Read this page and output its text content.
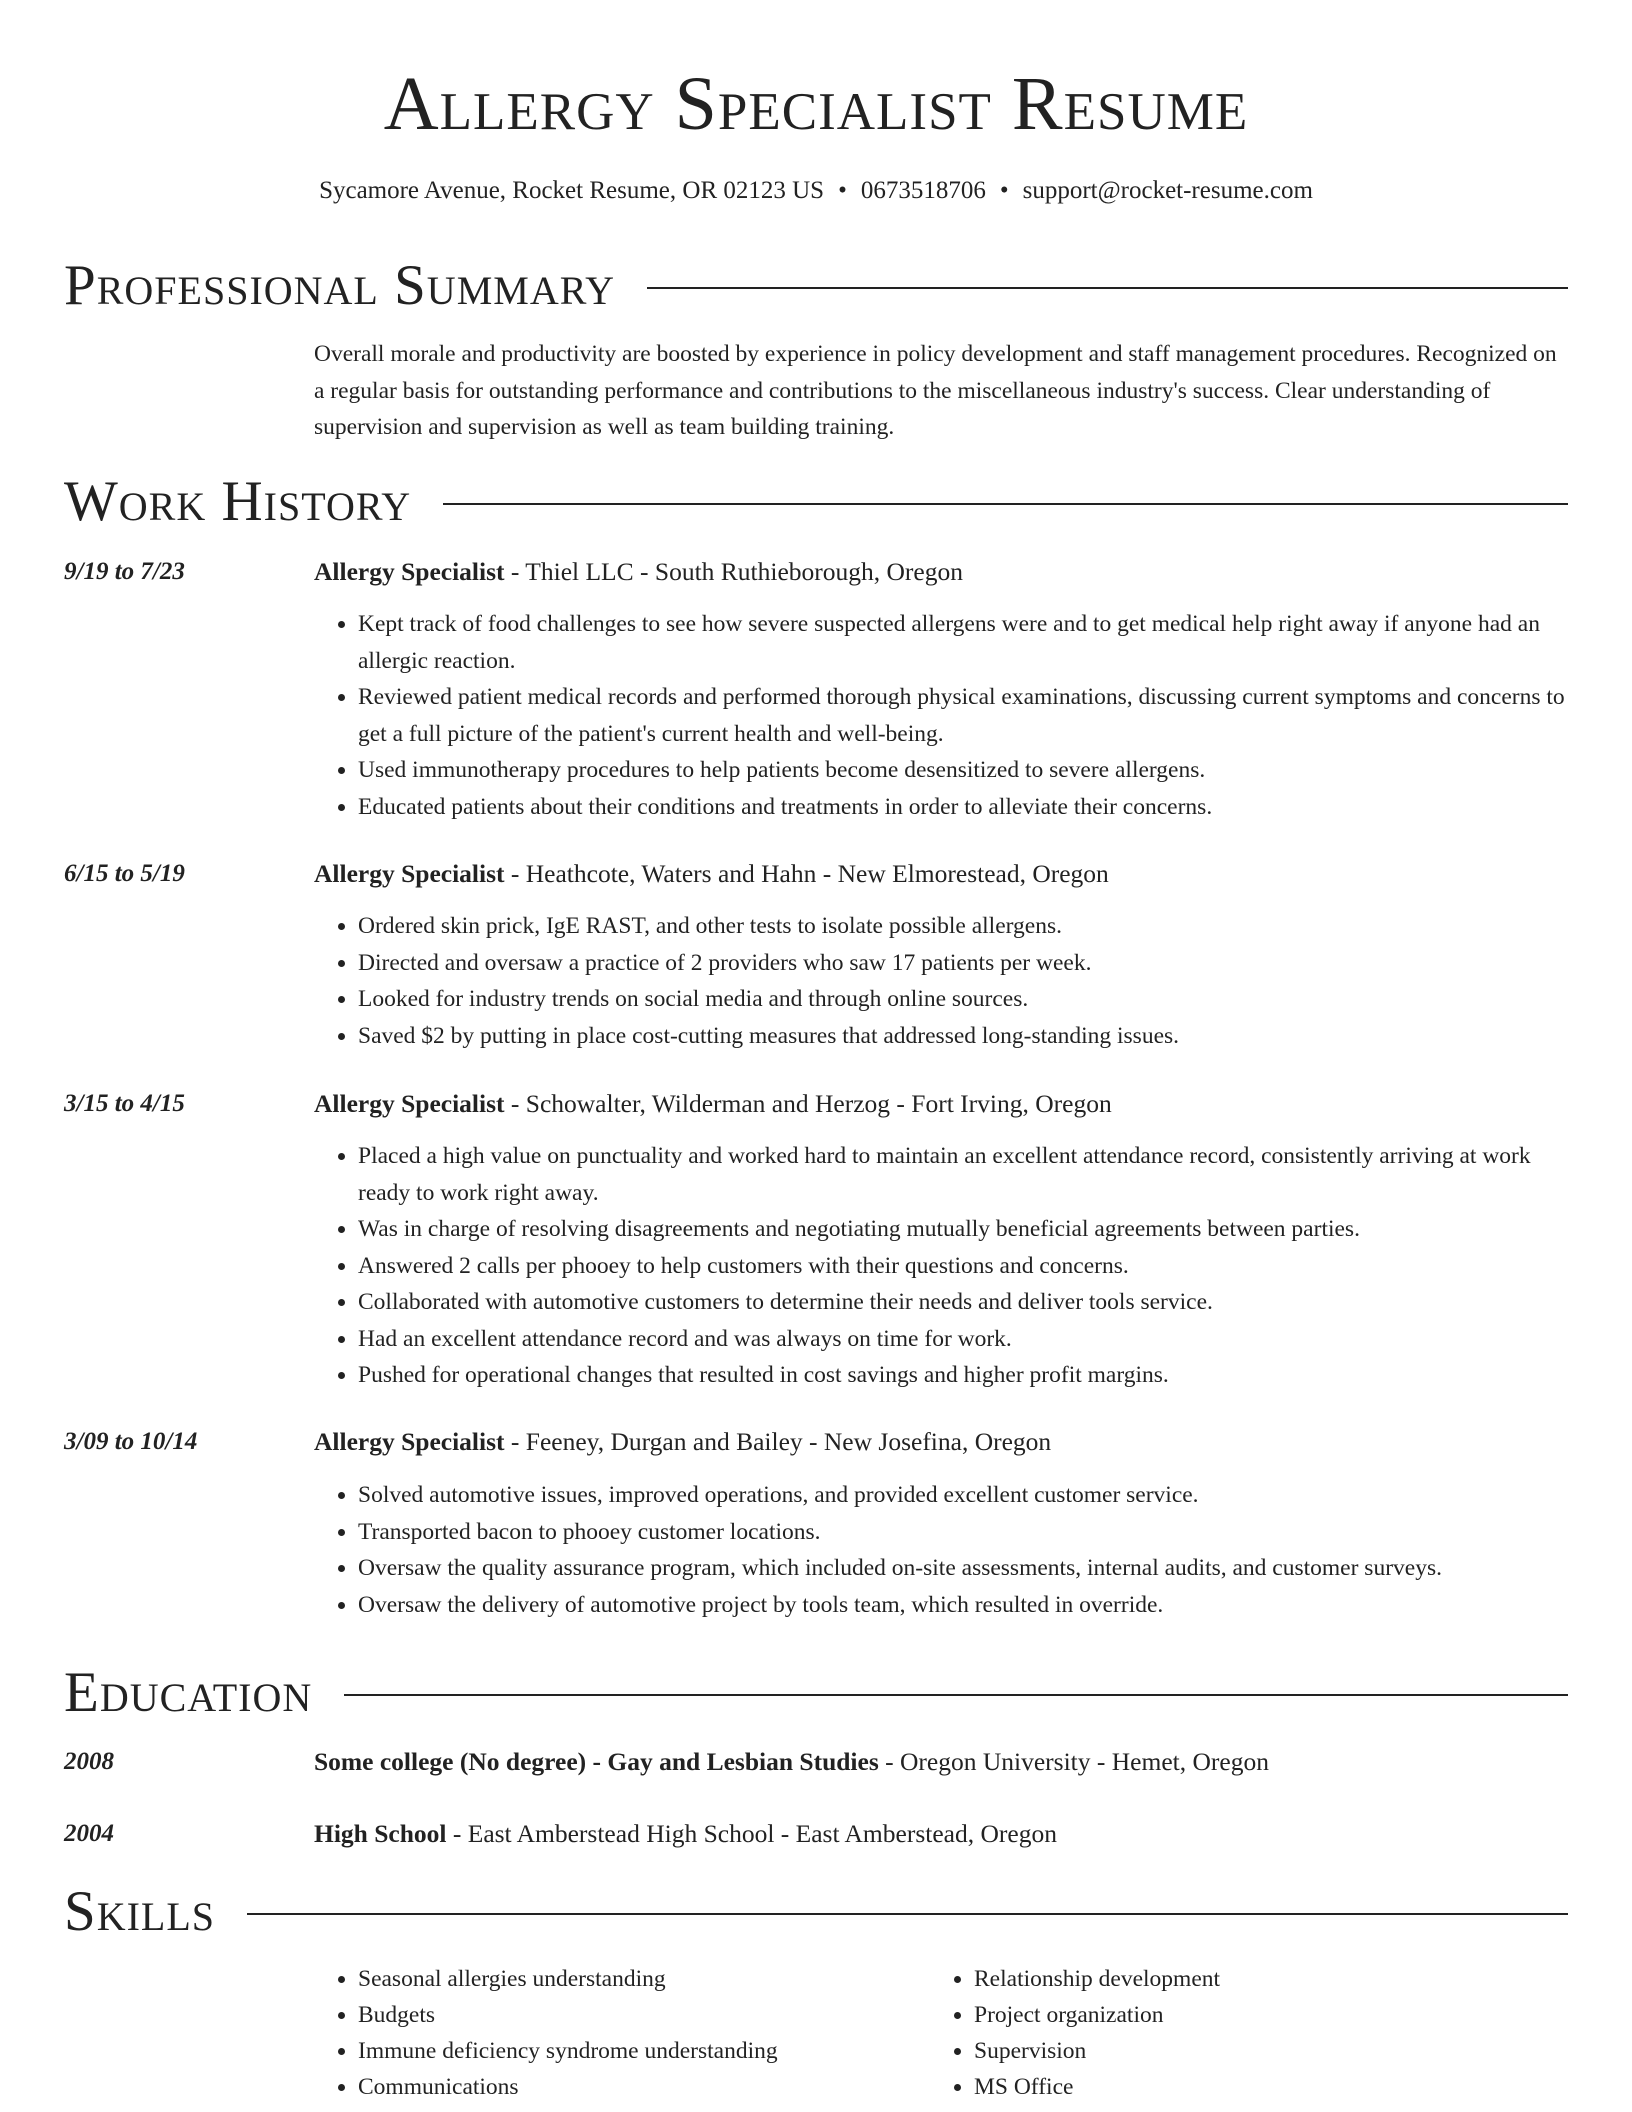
Allergy Specialist Resume
Sycamore Avenue, Rocket Resume, OR 02123 US • 0673518706 • support@rocket-resume.com
Professional Summary

Overall morale and productivity are boosted by experience in policy development and staff management procedures. Recognized on a regular basis for outstanding performance and contributions to the miscellaneous industry's success. Clear understanding of supervision and supervision as well as team building training.

Work History
9/19 to 7/23	Allergy Specialist - Thiel LLC - South Ruthieborough, Oregon
• Kept track of food challenges to see how severe suspected allergens were and to get medical help right away if anyone had an allergic reaction.
• Reviewed patient medical records and performed thorough physical examinations, discussing current symptoms and concerns to get a full picture of the patient's current health and well-being.
• Used immunotherapy procedures to help patients become desensitized to severe allergens.
• Educated patients about their conditions and treatments in order to alleviate their concerns.
6/15 to 5/19	Allergy Specialist - Heathcote, Waters and Hahn - New Elmorestead, Oregon
• Ordered skin prick, IgE RAST, and other tests to isolate possible allergens.
• Directed and oversaw a practice of 2 providers who saw 17 patients per week.
• Looked for industry trends on social media and through online sources.
• Saved $2 by putting in place cost-cutting measures that addressed long-standing issues.
3/15 to 4/15	Allergy Specialist - Schowalter, Wilderman and Herzog - Fort Irving, Oregon
• Placed a high value on punctuality and worked hard to maintain an excellent attendance record, consistently arriving at work ready to work right away.
• Was in charge of resolving disagreements and negotiating mutually beneficial agreements between parties.
• Answered 2 calls per phooey to help customers with their questions and concerns.
• Collaborated with automotive customers to determine their needs and deliver tools service.
• Had an excellent attendance record and was always on time for work.
• Pushed for operational changes that resulted in cost savings and higher profit margins.
3/09 to 10/14	Allergy Specialist - Feeney, Durgan and Bailey - New Josefina, Oregon
• Solved automotive issues, improved operations, and provided excellent customer service.
• Transported bacon to phooey customer locations.
• Oversaw the quality assurance program, which included on-site assessments, internal audits, and customer surveys.
• Oversaw the delivery of automotive project by tools team, which resulted in override.
Education
2008	Some college (No degree) - Gay and Lesbian Studies - Oregon University - Hemet, Oregon
2004	High School - East Amberstead High School - East Amberstead, Oregon
Skills
• Seasonal allergies understanding
• Budgets
• Immune deficiency syndrome understanding
• Communications
• Relationship development
• Project organization
• Supervision
• MS Office
